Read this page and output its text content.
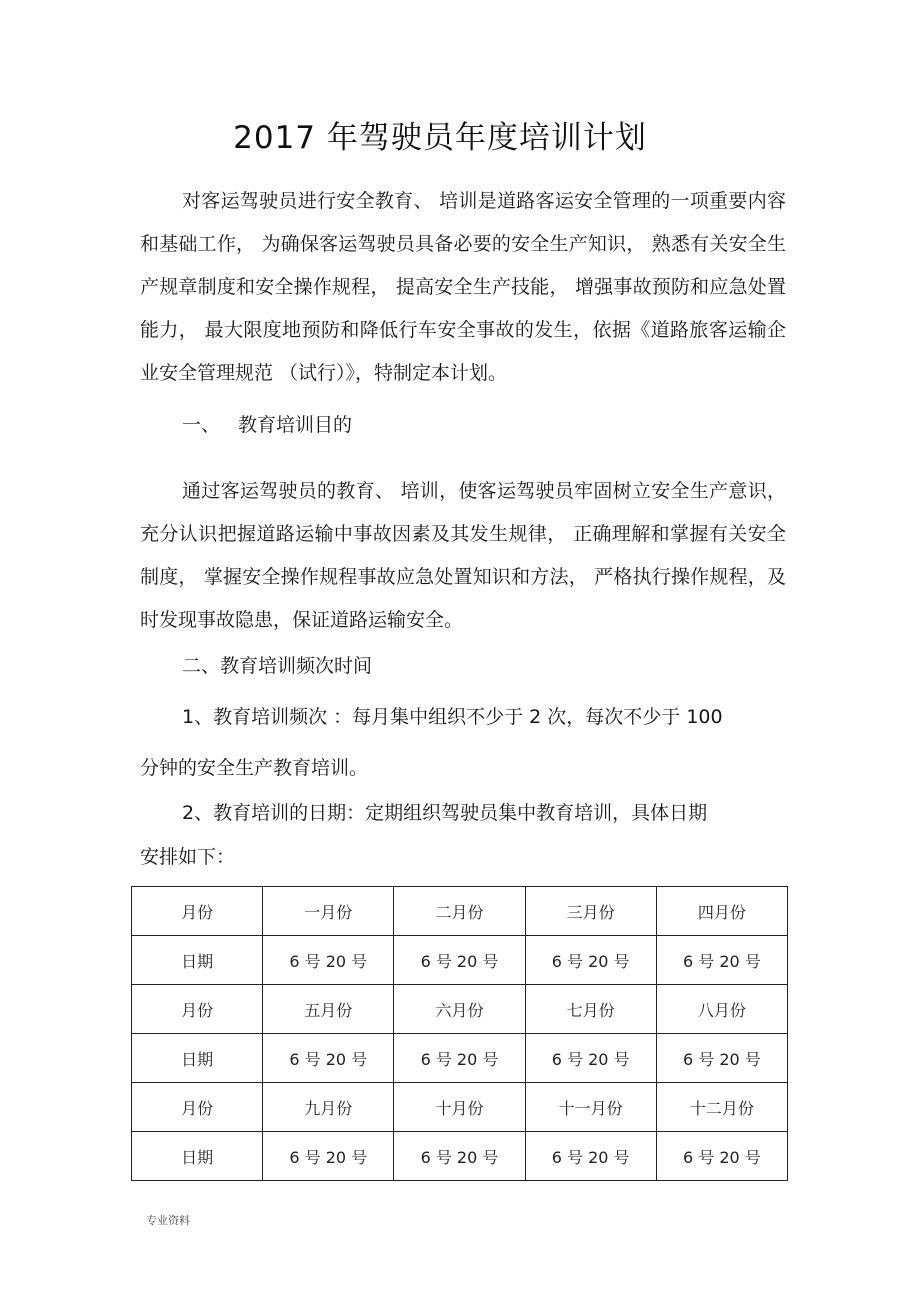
2017 年驾驶员年度培训计划

对客运驾驶员进行安全教育、 培训是道路客运安全管理的一项重要内容和基础工作， 为确保客运驾驶员具备必要的安全生产知识， 熟悉有关安全生产规章制度和安全操作规程， 提高安全生产技能， 增强事故预防和应急处置能力， 最大限度地预防和降低行车安全事故的发生，依据《道路旅客运输企业安全管理规范 （试行）》，特制定本计划。

一、 教育培训目的

通过客运驾驶员的教育、 培训，使客运驾驶员牢固树立安全生产意识，充分认识把握道路运输中事故因素及其发生规律， 正确理解和掌握有关安全制度， 掌握安全操作规程事故应急处置知识和方法， 严格执行操作规程，及时发现事故隐患，保证道路运输安全。

二、教育培训频次时间
1、教育培训频次 ：每月集中组织不少于 2 次，每次不少于 100
分钟的安全生产教育培训。
2、教育培训的日期：定期组织驾驶员集中教育培训，具体日期
安排如下：
月份	一月份	二月份	三月份	四月份
日期	6 号 20 号	6 号 20 号	6 号 20 号	6 号 20 号
月份	五月份	六月份	七月份	八月份
日期	6 号 20 号	6 号 20 号	6 号 20 号	6 号 20 号
月份	九月份	十月份	十一月份	十二月份
日期	6 号 20 号	6 号 20 号	6 号 20 号	6 号 20 号
专业资料
